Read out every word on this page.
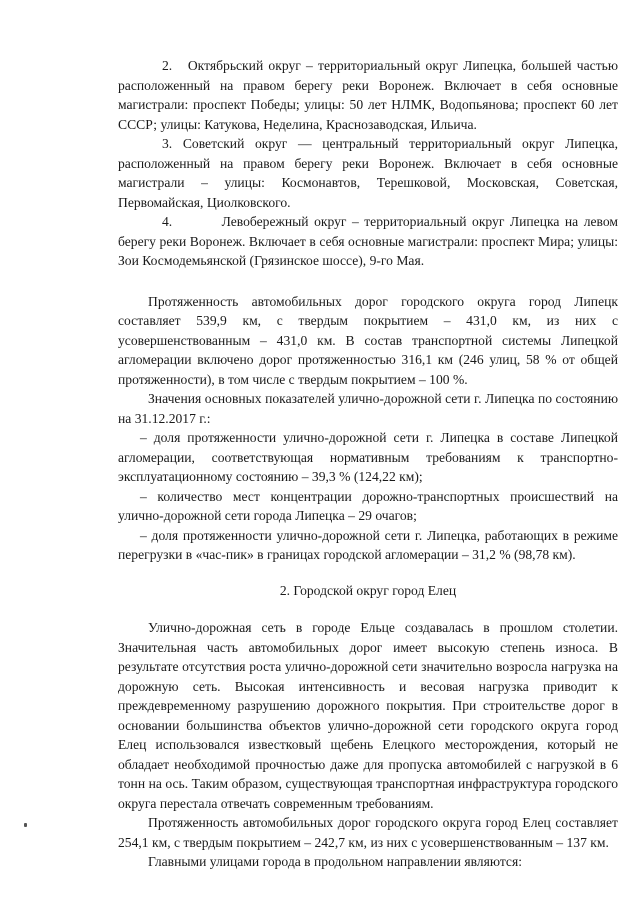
2. Октябрьский округ – территориальный округ Липецка, большей частью расположенный на правом берегу реки Воронеж. Включает в себя основные магистрали: проспект Победы; улицы: 50 лет НЛМК, Водопьянова; проспект 60 лет СССР; улицы: Катукова, Неделина, Краснозаводская, Ильича.

3. Советский округ — центральный территориальный округ Липецка, расположенный на правом берегу реки Воронеж. Включает в себя основные магистрали – улицы: Космонавтов, Терешковой, Московская, Советская, Первомайская, Циолковского.

4.	Левобережный округ – территориальный округ Липецка на левом берегу реки Воронеж. Включает в себя основные магистрали: проспект Мира; улицы: Зои Космодемьянской (Грязинское шоссе), 9-го Мая.

Протяженность автомобильных дорог городского округа город Липецк составляет 539,9 км, с твердым покрытием – 431,0 км, из них с усовершенствованным – 431,0 км. В состав транспортной системы Липецкой агломерации включено дорог протяженностью 316,1 км (246 улиц, 58 % от общей протяженности), в том числе с твердым покрытием – 100 %.

Значения основных показателей улично-дорожной сети г. Липецка по состоянию на 31.12.2017 г.:

– доля протяженности улично-дорожной сети г. Липецка в составе Липецкой агломерации, соответствующая нормативным требованиям к транспортно-эксплуатационному состоянию – 39,3 % (124,22 км);

– количество мест концентрации дорожно-транспортных происшествий на улично-дорожной сети города Липецка – 29 очагов;

– доля протяженности улично-дорожной сети г. Липецка, работающих в режиме перегрузки в «час-пик» в границах городской агломерации – 31,2 % (98,78 км).

2. Городской округ город Елец

Улично-дорожная сеть в городе Ельце создавалась в прошлом столетии. Значительная часть автомобильных дорог имеет высокую степень износа. В результате отсутствия роста улично-дорожной сети значительно возросла нагрузка на дорожную сеть. Высокая интенсивность и весовая нагрузка приводит к преждевременному разрушению дорожного покрытия. При строительстве дорог в основании большинства объектов улично-дорожной сети городского округа город Елец использовался известковый щебень Елецкого месторождения, который не обладает необходимой прочностью даже для пропуска автомобилей с нагрузкой в 6 тонн на ось. Таким образом, существующая транспортная инфраструктура городского округа перестала отвечать современным требованиям.

Протяженность автомобильных дорог городского округа город Елец составляет 254,1 км, с твердым покрытием – 242,7 км, из них с усовершенствованным – 137 км.

Главными улицами города в продольном направлении являются:
